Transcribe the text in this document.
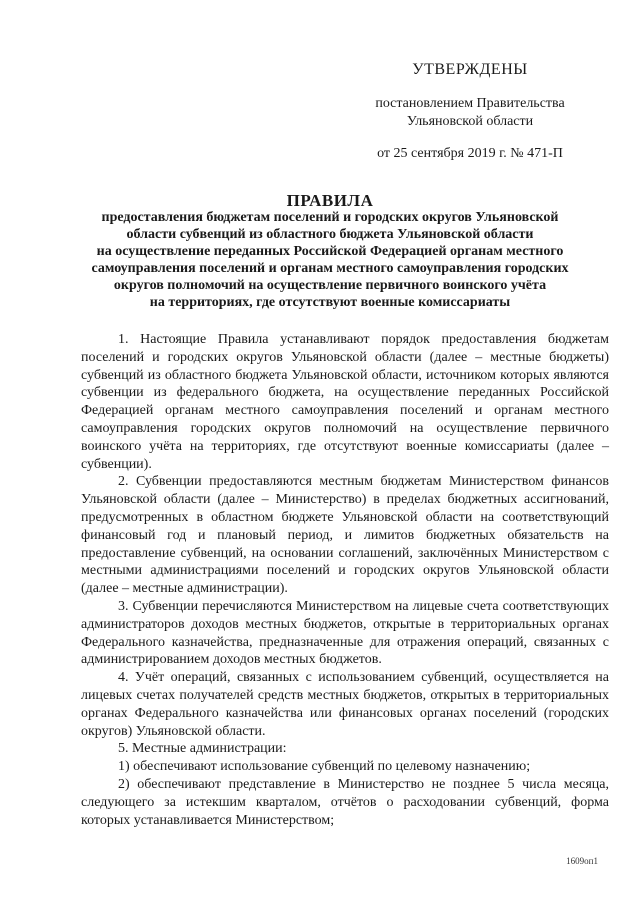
УТВЕРЖДЕНЫ
постановлением Правительства
Ульяновской области
от 25 сентября 2019 г. № 471-П
ПРАВИЛА
предоставления бюджетам поселений и городских округов Ульяновской
области субвенций из областного бюджета Ульяновской области
на осуществление переданных Российской Федерацией органам местного
самоуправления поселений и органам местного самоуправления городских
округов полномочий на осуществление первичного воинского учёта
на территориях, где отсутствуют военные комиссариаты

1. Настоящие Правила устанавливают порядок предоставления бюджетам поселений и городских округов Ульяновской области (далее – местные бюджеты) субвенций из областного бюджета Ульяновской области, источником которых являются субвенции из федерального бюджета, на осуществление переданных Российской Федерацией органам местного самоуправления поселений и органам местного самоуправления городских округов полномочий на осуществление первичного воинского учёта на территориях, где отсутствуют военные комиссариаты (далее – субвенции).

2. Субвенции предоставляются местным бюджетам Министерством финансов Ульяновской области (далее – Министерство) в пределах бюджетных ассигнований, предусмотренных в областном бюджете Ульяновской области на соответствующий финансовый год и плановый период, и лимитов бюджетных обязательств на предоставление субвенций, на основании соглашений, заключённых Министерством с местными администрациями поселений и городских округов Ульяновской области (далее – местные администрации).

3. Субвенции перечисляются Министерством на лицевые счета соответствующих администраторов доходов местных бюджетов, открытые в территориальных органах Федерального казначейства, предназначенные для отражения операций, связанных с администрированием доходов местных бюджетов.

4. Учёт операций, связанных с использованием субвенций, осуществляется на лицевых счетах получателей средств местных бюджетов, открытых в территориальных органах Федерального казначейства или финансовых органах поселений (городских округов) Ульяновской области.

5. Местные администрации:

1) обеспечивают использование субвенций по целевому назначению;

2) обеспечивают представление в Министерство не позднее 5 числа месяца, следующего за истекшим кварталом, отчётов о расходовании субвенций, форма которых устанавливается Министерством;

1609оп1
